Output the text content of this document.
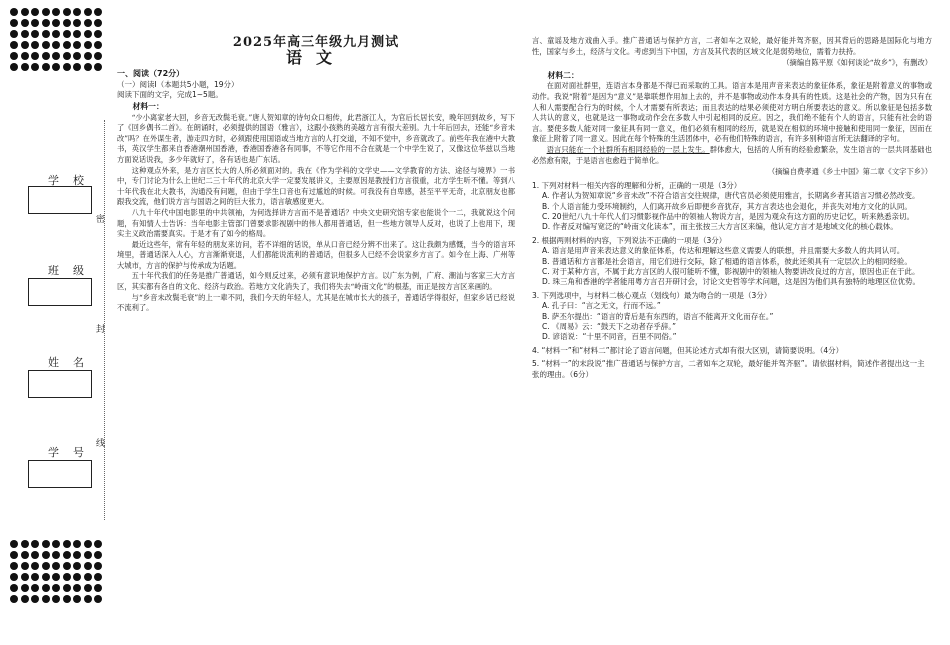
学校
班级
姓名
学号
密
封
线
2025年高三年级九月测试
语文
一、阅读（72分）
（一）阅读Ⅰ（本题共5小题，19分）
阅读下面的文字，完成1~5题。
材料一：

“少小离家老大回，乡音无改鬓毛衰。”唐人贺知章的诗句众口相传，此君浙江人，为官后长居长安，晚年回到故乡，写下了《回乡偶书二首》。在朗诵时，必须提供的国语（雅言），这跟小孩熟的美越方言有很大差别。九十年后回去，还能“乡音未改”吗？在外谋生者，游走四方时，必须跟使用国语或当地方言的人打交道，不知不觉中，乡音就改了。前些年我在港中大教书，英汉学生都来自香港潮州国香港，香港国香港各有同事，不等它作用不合在就是一个中学生说了，又像这位华兹以当地方面说话说我，多少年就好了，各有话也是广东话。

这种观点外来，是方言区长大的人所必须面对的。我在《作为学科的文学史——文学教育的方法、途径与境界》一书中，专门讨论为什么上世纪二三十年代的北京大学一定要发展讲义，主要原因是教授们方言很重，北方学生听不懂。等到八十年代我在北大教书，沟通没有问题，但由于学生口音也有过尴尬的时候。可我没有自卑感，甚至平平无奇，北京朋友也都跟我交流，他们说方言与国语之间的巨大张力，语言敏感度更大。

八九十年代中国电影里的中共领袖，为何选择讲方言而不是普通话？中央文史研究馆专家也能说个一二，我就说这个问题，有知情人士告诉：当年电影主管部门曾要求影视剧中的伟人都用普通话，但一些地方领导人反对，也说了上也用下，现实主义政治需要真实。于是才有了如今的格局。

最近这些年，常有年轻的朋友来访问，若不详细的话说，单从口音已经分辨不出来了。这让我颇为感慨，当今的语言环境里，普通话深入人心，方言渐渐衰退，人们都能说流利的普通话，但很多人已经不会说家乡方言了。如今在上海、广州等大城市，方言的保护与传承成为话题。

五十年代我们的任务是推广普通话，如今则反过来，必须有意识地保护方言。以广东为例，广府、潮汕与客家三大方言区，其实都有各自的文化、经济与政治。若地方文化消失了，我们将失去“岭南文化”的根基，而正是按方言区来画的。

与“乡音未改鬓毛衰”的上一辈不同，我们今天的年轻人，尤其是在城市长大的孩子，普通话学得很好，但家乡话已经说不流利了。

言、童谣及地方戏曲入手。推广普通话与保护方言，二者如车之双轮，最好能并驾齐驱，因其背后的思路是国际化与地方性，国家与乡土，经济与文化。考虑到当下中国，方言及其代表的区域文化是弱势地位，需着力扶持。

（摘编自陈平原《如何谈论“故乡”》，有删改）
材料二：

在面对面社群里，连语言本身都是不得已而采取的工具。语言本是用声音来表达的象征体系，象征是附着意义的事物或动作。我说“附着”是因为“意义”是靠联想作用加上去的，并不是事物或动作本身具有的性质。这是社会的产物，因为只有在人和人需要配合行为的时候，个人才需要有所表达；而且表达的结果必须使对方明白所要表达的意义。所以象征是包括多数人共认的意义，也就是这一事物或动作会在多数人中引起相同的反应。因之，我们绝不能有个人的语言，只能有社会的语言。要使多数人能对同一象征具有同一意义，他们必须有相同的经历，就是说在相似的环境中接触和使用同一象征，因而在象征上附着了同一意义。因此在每个特殊的生活团体中，必有他们特殊的语言，有许多别种语言所无法翻译的字句。

语言只能在一个社群所有相同经验的一层上发生。群体愈大，包括的人所有的经验愈繁杂，发生语言的一层共同基础也必然愈有限，于是语言也愈趋于简单化。

（摘编自费孝通《乡土中国》第二章《文字下乡》）
1. 下列对材料一相关内容的理解和分析，正确的一项是（3分）
A. 作者认为贺知章说“乡音未改”不符合语言交往规律，唐代官员必须使用雅言，长期离乡者其语言习惯必然改变。
B. 个人语言能力受环境制约，人们离开故乡后即便乡音犹存，其方言表达也会退化，并丧失对地方文化的认同。
C. 20世纪八九十年代人们习惯影视作品中的领袖人物说方言，是因为观众有这方面的历史记忆，听来熟悉亲切。
D. 作者反对编写宽泛的“岭南文化读本”，而主张按三大方言区来编，他认定方言才是地域文化的核心载体。
2. 根据两则材料的内容，下列说法不正确的一项是（3分）
A. 语言是用声音来表达意义的象征体系，传达和理解这些意义需要人的联想，并且需要大多数人的共同认可。
B. 普通话和方言都是社会语言，用它们进行交际，除了相通的语言体系，彼此还须具有一定层次上的相同经验。
C. 对于某种方言，不属于此方言区的人很可能听不懂，影视剧中的领袖人物要讲改良过的方言，原因也正在于此。
D. 珠三角和香港的学者能用粤方言召开研讨会，讨论文史哲等学术问题，这是因为他们具有独特的地理区位优势。
3. 下列选项中，与材料二核心观点（划线句）最为吻合的一项是（3分）
A. 孔子曰：“言之无文，行而不远。”
B. 萨丕尔提出：“语言的背后是有东西的，语言不能离开文化而存在。”
C. 《周易》云：“鼓天下之动者存乎辞。”
D. 谚语说：“十里不同音，百里不同俗。”
4. “材料一”和“材料二”都讨论了语言问题，但其论述方式却有很大区别，请简要说明。（4分）
5. “材料一”的末段说“推广普通话与保护方言，二者如车之双轮，最好能并驾齐驱”。请依据材料，简述作者提出这一主张的理由。（6分）
